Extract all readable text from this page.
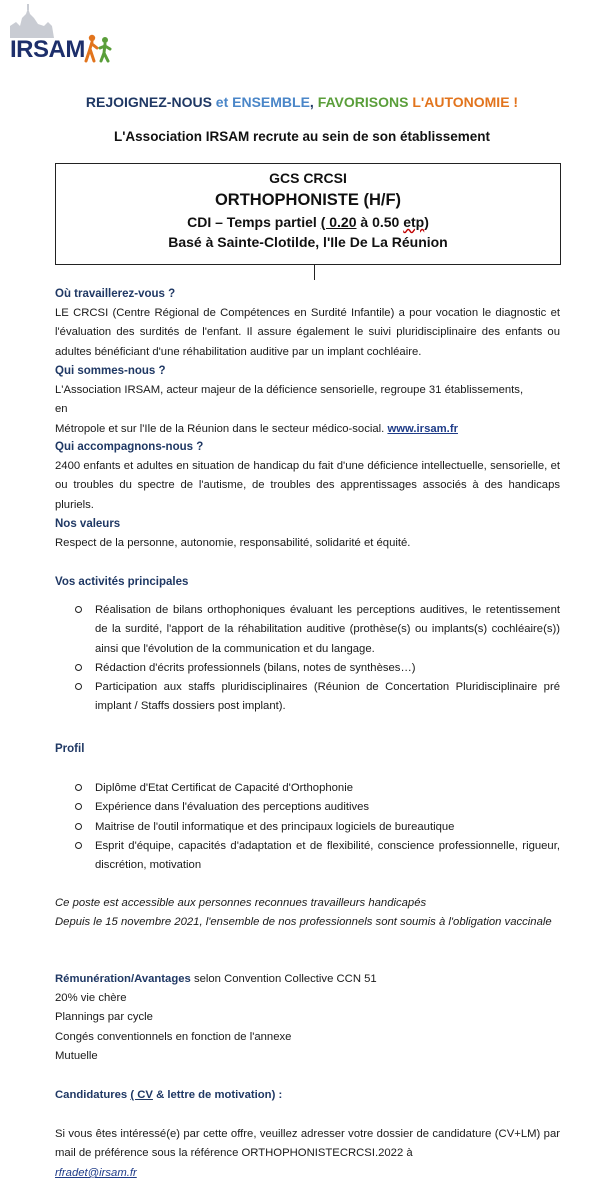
IRSAM
REJOIGNEZ-NOUS et ENSEMBLE, FAVORISONS L'AUTONOMIE !
L'Association IRSAM recrute au sein de son établissement
GCS CRCSI
ORTHOPHONISTE (H/F)
CDI – Temps partiel ( 0.20 à 0.50 etp)
Basé à Sainte-Clotilde, l'Ile De La Réunion
Où travaillerez-vous ?
LE CRCSI (Centre Régional de Compétences en Surdité Infantile) a pour vocation le diagnostic et l'évaluation des surdités de l'enfant. Il assure également le suivi pluridisciplinaire des enfants ou adultes bénéficiant d'une réhabilitation auditive par un implant cochléaire.
Qui sommes-nous ?
L'Association IRSAM, acteur majeur de la déficience sensorielle, regroupe 31 établissements,
en
Métropole et sur l'Ile de la Réunion dans le secteur médico-social. www.irsam.fr
Qui accompagnons-nous ?
2400 enfants et adultes en situation de handicap du fait d'une déficience intellectuelle, sensorielle, et ou troubles du spectre de l'autisme, de troubles des apprentissages associés à des handicaps pluriels.
Nos valeurs
Respect de la personne, autonomie, responsabilité, solidarité et équité.
Vos activités principales
Réalisation de bilans orthophoniques évaluant les perceptions auditives, le retentissement de la surdité, l'apport de la réhabilitation auditive (prothèse(s) ou implants(s) cochléaire(s)) ainsi que l'évolution de la communication et du langage.
Rédaction d'écrits professionnels (bilans, notes de synthèses…)
Participation aux staffs pluridisciplinaires (Réunion de Concertation Pluridisciplinaire pré implant / Staffs dossiers post implant).
Profil
Diplôme d'Etat Certificat de Capacité d'Orthophonie
Expérience dans l'évaluation des perceptions auditives
Maitrise de l'outil informatique et des principaux logiciels de bureautique
Esprit d'équipe, capacités d'adaptation et de flexibilité, conscience professionnelle, rigueur, discrétion, motivation
Ce poste est accessible aux personnes reconnues travailleurs handicapés
Depuis le 15 novembre 2021, l'ensemble de nos professionnels sont soumis à l'obligation vaccinale
Rémunération/Avantages selon Convention Collective CCN 51
20% vie chère
Plannings par cycle
Congés conventionnels en fonction de l'annexe
Mutuelle
Candidatures ( CV & lettre de motivation) :
Si vous êtes intéressé(e) par cette offre, veuillez adresser votre dossier de candidature (CV+LM) par mail de préférence sous la référence ORTHOPHONISTECRCSI.2022 à
rfradet@irsam.fr
